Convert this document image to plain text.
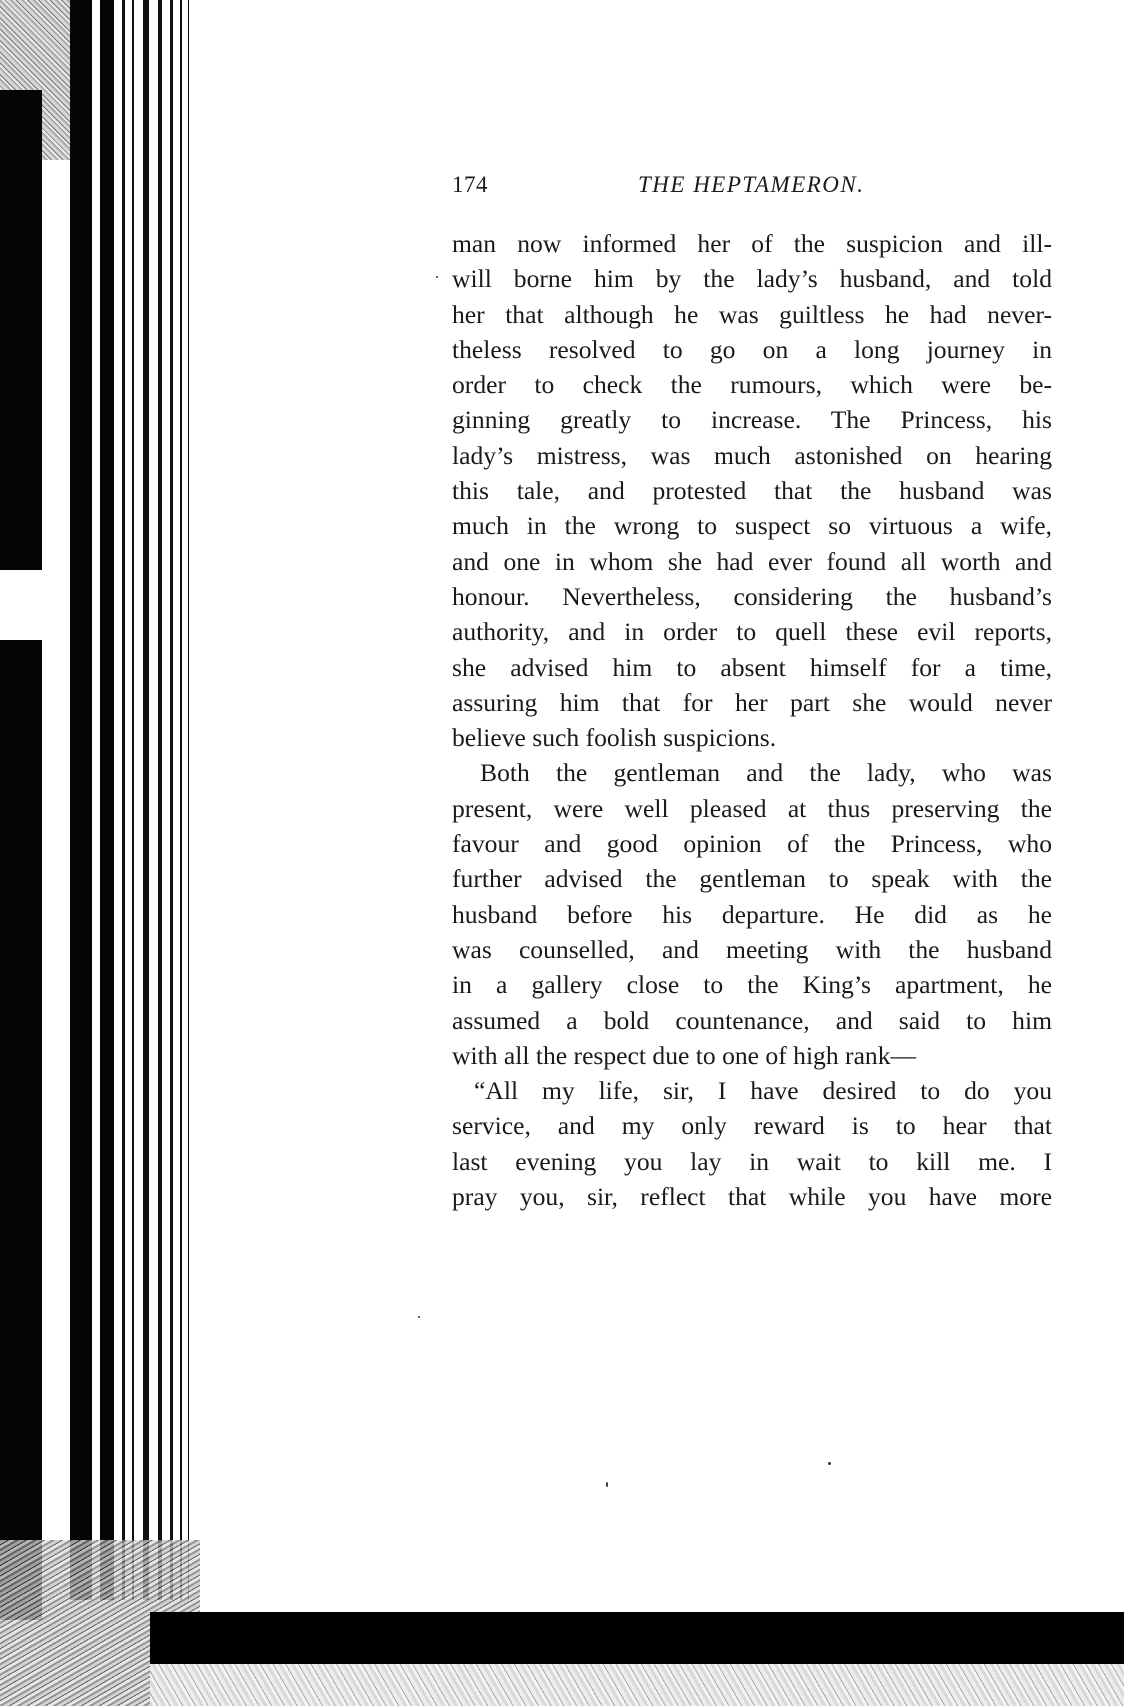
174	THE HEPTAMERON.
man now informed her of the suspicion and ill-
will borne him by the lady’s husband, and told
her that although he was guiltless he had never-
theless resolved to go on a long journey in
order to check the rumours, which were be-
ginning greatly to increase. The Princess, his
lady’s mistress, was much astonished on hearing
this tale, and protested that the husband was
much in the wrong to suspect so virtuous a wife,
and one in whom she had ever found all worth and
honour. Nevertheless, considering the husband’s
authority, and in order to quell these evil reports,
she advised him to absent himself for a time,
assuring him that for her part she would never
believe such foolish suspicions.
Both the gentleman and the lady, who was
present, were well pleased at thus preserving the
favour and good opinion of the Princess, who
further advised the gentleman to speak with the
husband before his departure. He did as he
was counselled, and meeting with the husband
in a gallery close to the King’s apartment, he
assumed a bold countenance, and said to him
with all the respect due to one of high rank—
“All my life, sir, I have desired to do you
service, and my only reward is to hear that
last evening you lay in wait to kill me. I
pray you, sir, reflect that while you have more
